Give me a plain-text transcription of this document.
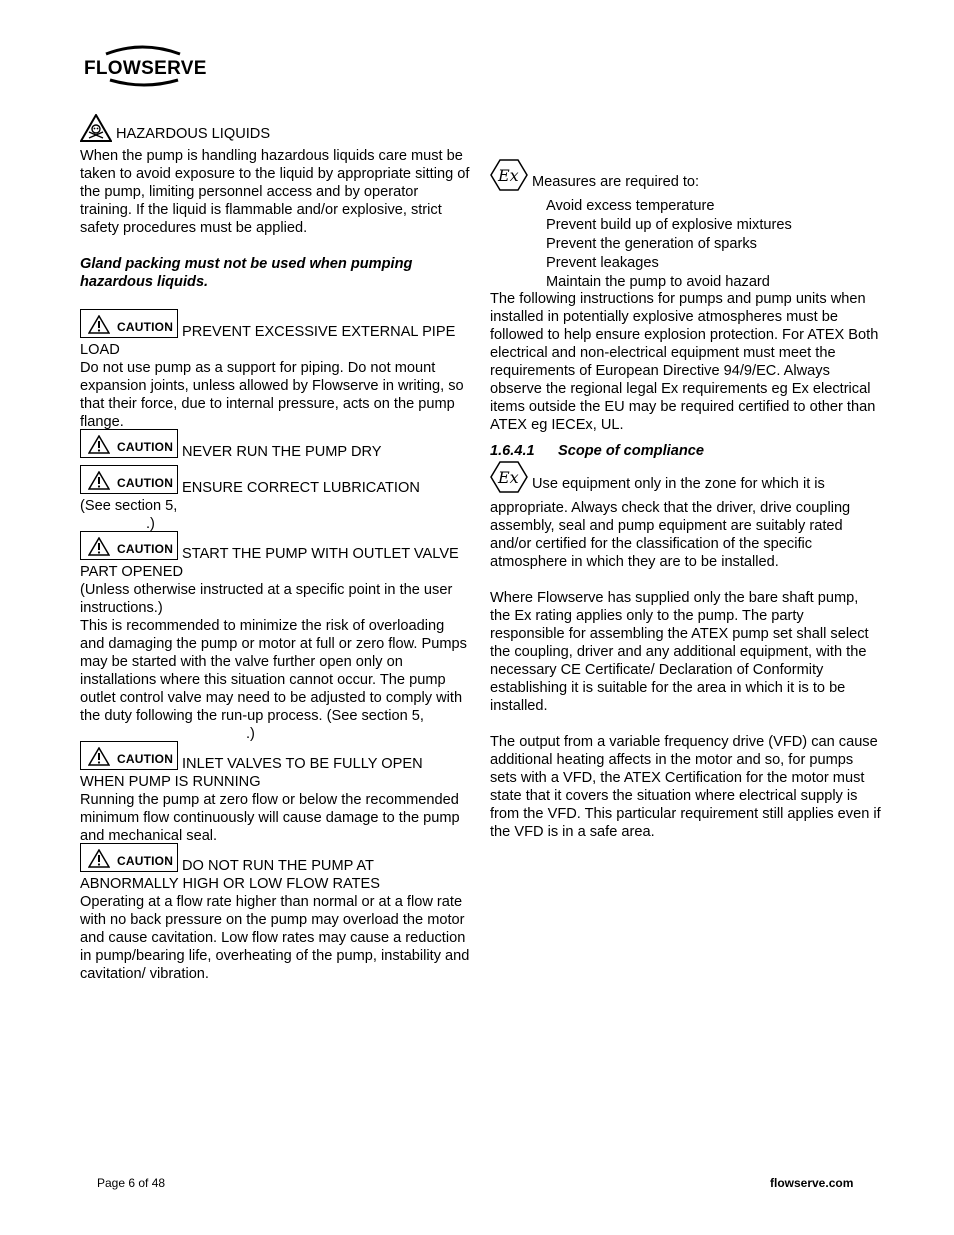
FLOWSERVE

HAZARDOUS LIQUIDS

When the pump is handling hazardous liquids care must be taken to avoid exposure to the liquid by appropriate sitting of the pump, limiting personnel access and by operator training. If the liquid is flammable and/or explosive, strict safety procedures must be applied.

Gland packing must not be used when pumping hazardous liquids.

CAUTION PREVENT EXCESSIVE EXTERNAL PIPE LOAD

Do not use pump as a support for piping. Do not mount expansion joints, unless allowed by Flowserve in writing, so that their force, due to internal pressure, acts on the pump flange.

CAUTION NEVER RUN THE PUMP DRY

CAUTION ENSURE CORRECT LUBRICATION

(See section 5,

.)

CAUTION START THE PUMP WITH OUTLET VALVE PART OPENED

(Unless otherwise instructed at a specific point in the user instructions.)

This is recommended to minimize the risk of overloading and damaging the pump or motor at full or zero flow. Pumps may be started with the valve further open only on installations where this situation cannot occur. The pump outlet control valve may need to be adjusted to comply with the duty following the run-up process. (See section 5,

.)

CAUTION INLET VALVES TO BE FULLY OPEN WHEN PUMP IS RUNNING

Running the pump at zero flow or below the recommended minimum flow continuously will cause damage to the pump and mechanical seal.

CAUTION DO NOT RUN THE PUMP AT ABNORMALLY HIGH OR LOW FLOW RATES

Operating at a flow rate higher than normal or at a flow rate with no back pressure on the pump may overload the motor and cause cavitation. Low flow rates may cause a reduction in pump/bearing life, overheating of the pump, instability and cavitation/ vibration.

Ex Measures are required to:

Avoid excess temperature
Prevent build up of explosive mixtures
Prevent the generation of sparks
Prevent leakages
Maintain the pump to avoid hazard

The following instructions for pumps and pump units when installed in potentially explosive atmospheres must be followed to help ensure explosion protection. For ATEX Both electrical and non-electrical equipment must meet the requirements of European Directive 94/9/EC. Always observe the regional legal Ex requirements eg Ex electrical items outside the EU may be required certified to other than ATEX eg IECEx, UL.

1.6.4.1 Scope of compliance

Ex Use equipment only in the zone for which it is appropriate. Always check that the driver, drive coupling assembly, seal and pump equipment are suitably rated and/or certified for the classification of the specific atmosphere in which they are to be installed.

Where Flowserve has supplied only the bare shaft pump, the Ex rating applies only to the pump. The party responsible for assembling the ATEX pump set shall select the coupling, driver and any additional equipment, with the necessary CE Certificate/ Declaration of Conformity establishing it is suitable for the area in which it is to be installed.

The output from a variable frequency drive (VFD) can cause additional heating affects in the motor and so, for pumps sets with a VFD, the ATEX Certification for the motor must state that it covers the situation where electrical supply is from the VFD. This particular requirement still applies even if the VFD is in a safe area.

Page 6 of 48	flowserve.com
